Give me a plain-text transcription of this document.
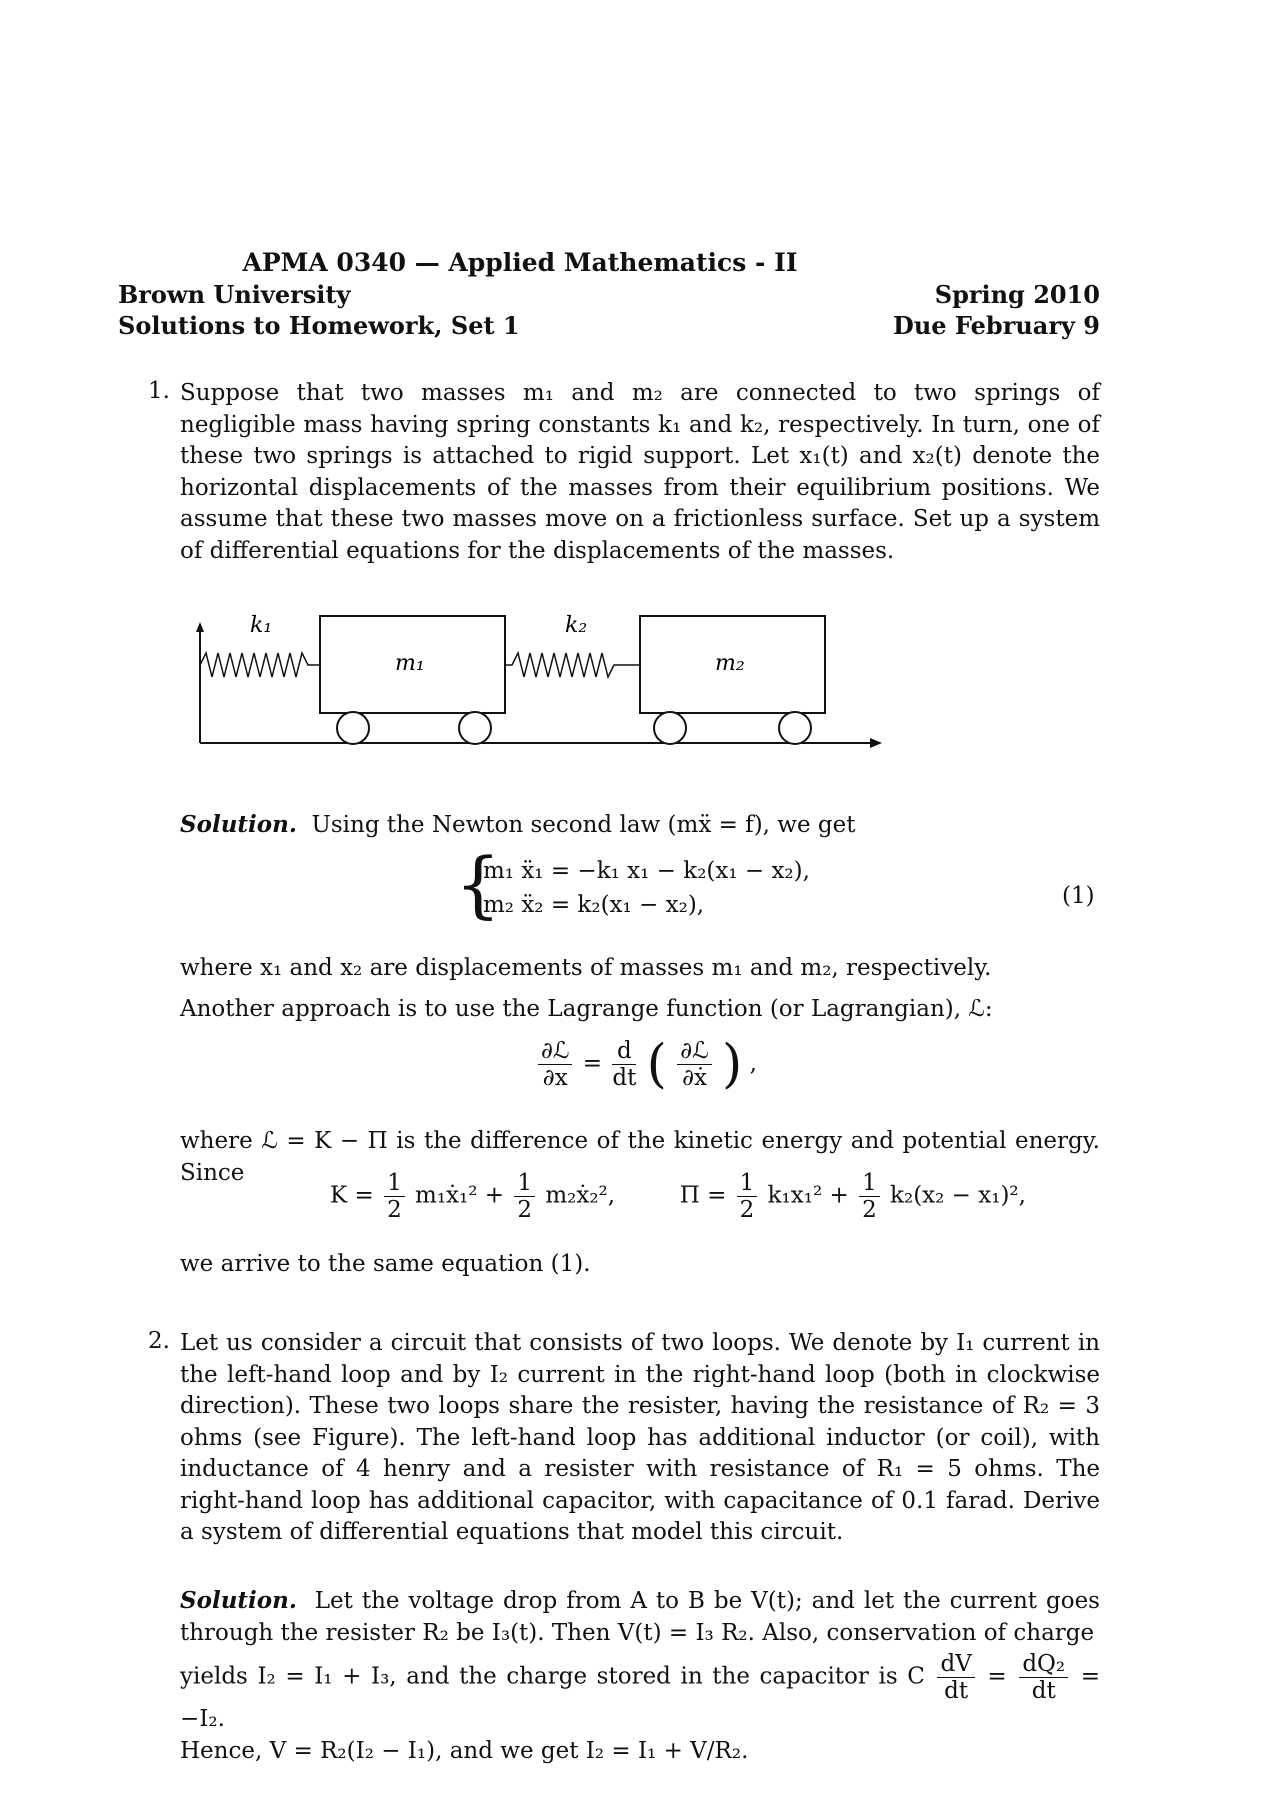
APMA 0340 — Applied Mathematics - II
Brown University
Solutions to Homework, Set 1
Spring 2010
Due February 9
1. Suppose that two masses m₁ and m₂ are connected to two springs of negligible mass having spring constants k₁ and k₂, respectively. In turn, one of these two springs is attached to rigid support. Let x₁(t) and x₂(t) denote the horizontal displacements of the masses from their equilibrium positions. We assume that these two masses move on a frictionless surface. Set up a system of differential equations for the displacements of the masses.

k₁	k₂
m₁	m₂
Solution. Using the Newton second law (mẍ = f), we get
{
m₁ ẍ₁ = −k₁ x₁ − k₂(x₁ − x₂),
m₂ ẍ₂ = k₂(x₁ − x₂),	(1)
where x₁ and x₂ are displacements of masses m₁ and m₂, respectively.
Another approach is to use the Lagrange function (or Lagrangian), ℒ:
$\frac{\text{∂ℒ}}{\partial x} = \frac{d}{dt}$ ( $\frac{\text{∂ℒ}}{\text{∂ẋ}}$ ) ,
where ℒ = K − Π is the difference of the kinetic energy and potential energy. Since
$K = \frac{1}{2}$ m₁ẋ₁² + $\frac{1}{2}$ m₂ẋ₂²,	$\Pi = \frac{1}{2} k_1x_1^2 + \frac{1}{2} k_2(x_2 - x_1)^2$,
we arrive to the same equation (1).
2. Let us consider a circuit that consists of two loops. We denote by I₁ current in the left-hand loop and by I₂ current in the right-hand loop (both in clockwise direction). These two loops share the resister, having the resistance of R₂ = 3 ohms (see Figure). The left-hand loop has additional inductor (or coil), with inductance of 4 henry and a resister with resistance of R₁ = 5 ohms. The right-hand loop has additional capacitor, with capacitance of 0.1 farad. Derive a system of differential equations that model this circuit.

Solution. Let the voltage drop from A to B be V(t); and let the current goes through the resister R₂ be I₃(t). Then V(t) = I₃ R₂. Also, conservation of charge

yields I₂ = I₁ + I₃, and the charge stored in the capacitor is C $\frac{dV}{dt} = \frac{\text{dQ₂}}{dt} = -I_2$.

Hence, V = R₂(I₂ − I₁), and we get I₂ = I₁ + V/R₂.
